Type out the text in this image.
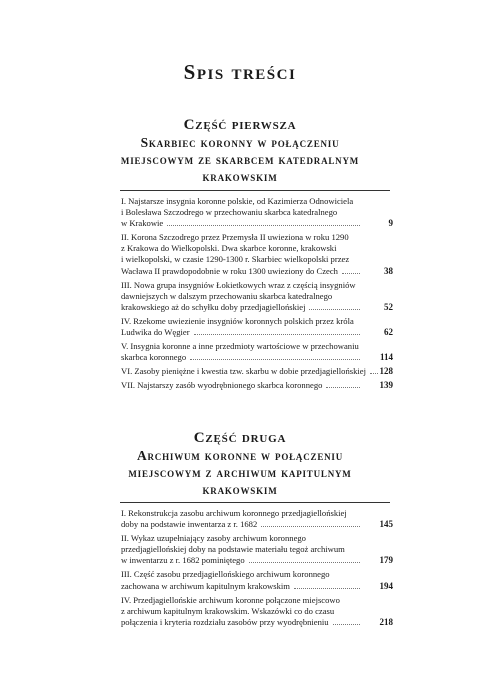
Spis treści
Część pierwsza
Skarbiec koronny w połączeniu
miejscowym ze skarbcem katedralnym
krakowskim
I. Najstarsze insygnia koronne polskie, od Kazimierza Odnowiciela
i Bolesława Szczodrego w przechowaniu skarbca katedralnego
w Krakowie	9
II. Korona Szczodrego przez Przemysła II uwieziona w roku 1290
z Krakowa do Wielkopolski. Dwa skarbce koronne, krakowski
i wielkopolski, w czasie 1290-1300 r. Skarbiec wielkopolski przez
Wacława II prawdopodobnie w roku 1300 uwieziony do Czech	38
III. Nowa grupa insygniów Łokietkowych wraz z częścią insygniów
dawniejszych w dalszym przechowaniu skarbca katedralnego
krakowskiego aż do schyłku doby przedjagiellońskiej	52
IV. Rzekome uwiezienie insygniów koronnych polskich przez króla
Ludwika do Węgier	62
V. Insygnia koronne a inne przedmioty wartościowe w przechowaniu
skarbca koronnego	114
VI. Zasoby pieniężne i kwestia tzw. skarbu w dobie przedjagiellońskiej	128
VII. Najstarszy zasób wyodrębnionego skarbca koronnego	139
Część druga
Archiwum koronne w połączeniu
miejscowym z archiwum kapitulnym
krakowskim
I. Rekonstrukcja zasobu archiwum koronnego przedjagiellońskiej
doby na podstawie inwentarza z r. 1682	145
II. Wykaz uzupełniający zasoby archiwum koronnego
przedjagiellońskiej doby na podstawie materiału tegoż archiwum
w inwentarzu z r. 1682 pominiętego	179
III. Część zasobu przedjagiellońskiego archiwum koronnego
zachowana w archiwum kapitulnym krakowskim	194
IV. Przedjagiellońskie archiwum koronne połączone miejscowo
z archiwum kapitulnym krakowskim. Wskazówki co do czasu
połączenia i kryteria rozdziału zasobów przy wyodrębnieniu	218
